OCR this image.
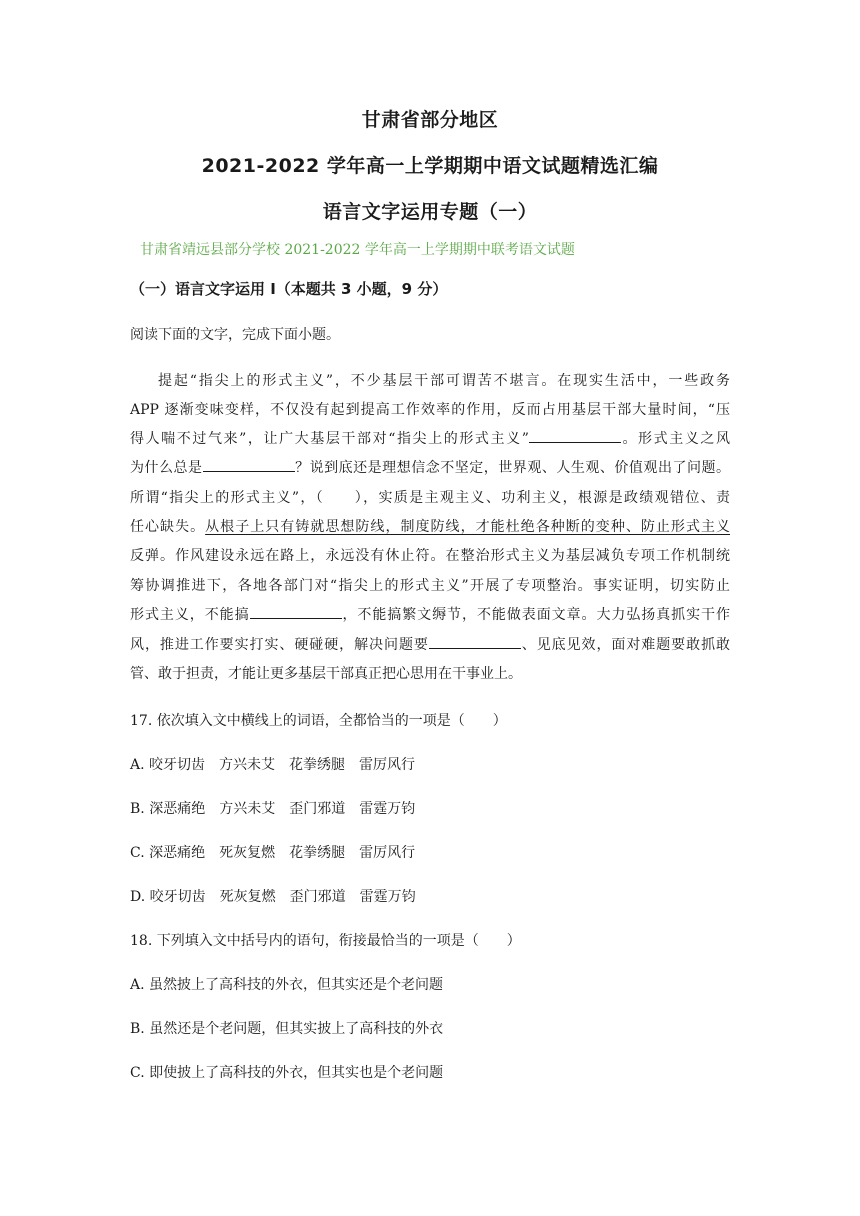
甘肃省部分地区
2021-2022 学年高一上学期期中语文试题精选汇编
语言文字运用专题（一）
甘肃省靖远县部分学校 2021-2022 学年高一上学期期中联考语文试题
（一）语言文字运用 I（本题共 3 小题，9 分）
阅读下面的文字，完成下面小题。
提起“指尖上的形式主义”，不少基层干部可谓苦不堪言。在现实生活中，一些政务
APP 逐渐变味变样，不仅没有起到提高工作效率的作用，反而占用基层干部大量时间，“压
得人喘不过气来”，让广大基层干部对“指尖上的形式主义”	。形式主义之风
为什么总是	？说到底还是理想信念不坚定，世界观、人生观、价值观出了问题。
所谓“指尖上的形式主义”，（　　），实质是主观主义、功利主义，根源是政绩观错位、责
任心缺失。从根子上只有铸就思想防线，制度防线，才能杜绝各种断的变种、防止形式主义
反弹。作风建设永远在路上，永远没有休止符。在整治形式主义为基层减负专项工作机制统
筹协调推进下，各地各部门对“指尖上的形式主义”开展了专项整治。事实证明，切实防止
形式主义，不能搞	，不能搞繁文缛节，不能做表面文章。大力弘扬真抓实干作
风，推进工作要实打实、硬碰硬，解决问题要	、见底见效，面对难题要敢抓敢
管、敢于担责，才能让更多基层干部真正把心思用在干事业上。
17. 依次填入文中横线上的词语，全都恰当的一项是（　　）
A. 咬牙切齿　方兴未艾　花拳绣腿　雷厉风行
B. 深恶痛绝　方兴未艾　歪门邪道　雷霆万钧
C. 深恶痛绝　死灰复燃　花拳绣腿　雷厉风行
D. 咬牙切齿　死灰复燃　歪门邪道　雷霆万钧
18. 下列填入文中括号内的语句，衔接最恰当的一项是（　　）
A. 虽然披上了高科技的外衣，但其实还是个老问题
B. 虽然还是个老问题，但其实披上了高科技的外衣
C. 即使披上了高科技的外衣，但其实也是个老问题
